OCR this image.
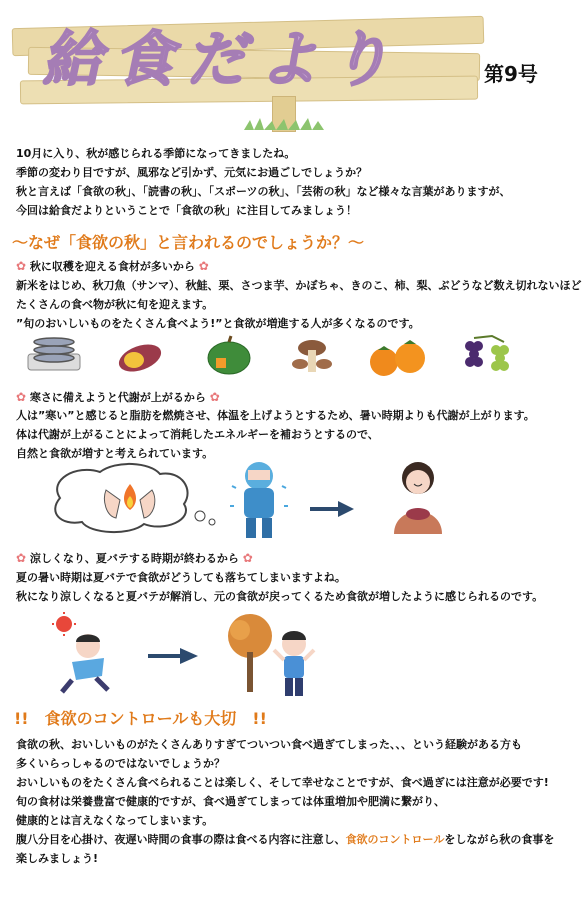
給食だより	第9号
10月に入り、秋が感じられる季節になってきましたね。
季節の変わり目ですが、風邪など引かず、元気にお過ごしでしょうか？
秋と言えば「食欲の秋」、「読書の秋」、「スポーツの秋」、「芸術の秋」など様々な言葉がありますが、
今回は給食だよりということで「食欲の秋」に注目してみましょう！
～なぜ「食欲の秋」と言われるのでしょうか？～
✿ 秋に収穫を迎える食材が多いから ✿
新米をはじめ、秋刀魚（サンマ）、秋鮭、栗、さつま芋、かぼちゃ、きのこ、柿、梨、ぶどうなど数え切れないほど
たくさんの食べ物が秋に旬を迎えます。
”旬のおいしいものをたくさん食べよう!”と食欲が増進する人が多くなるのです。
✿ 寒さに備えようと代謝が上がるから ✿
人は”寒い”と感じると脂肪を燃焼させ、体温を上げようとするため、暑い時期よりも代謝が上がります。
体は代謝が上がることによって消耗したエネルギーを補おうとするので、
自然と食欲が増すと考えられています。
✿ 涼しくなり、夏バテする時期が終わるから ✿
夏の暑い時期は夏バテで食欲がどうしても落ちてしまいますよね。
秋になり涼しくなると夏バテが解消し、元の食欲が戻ってくるため食欲が増したように感じられるのです。
!!　食欲のコントロールも大切　!!
食欲の秋、おいしいものがたくさんありすぎてついつい食べ過ぎてしまった、、、という経験がある方も
多くいらっしゃるのではないでしょうか？
おいしいものをたくさん食べられることは楽しく、そして幸せなことですが、食べ過ぎには注意が必要です!
旬の食材は栄養豊富で健康的ですが、食べ過ぎてしまっては体重増加や肥満に繋がり、
健康的とは言えなくなってしまいます。
腹八分目を心掛け、夜遅い時間の食事の際は食べる内容に注意し、食欲のコントロールをしながら秋の食事を
楽しみましょう!
